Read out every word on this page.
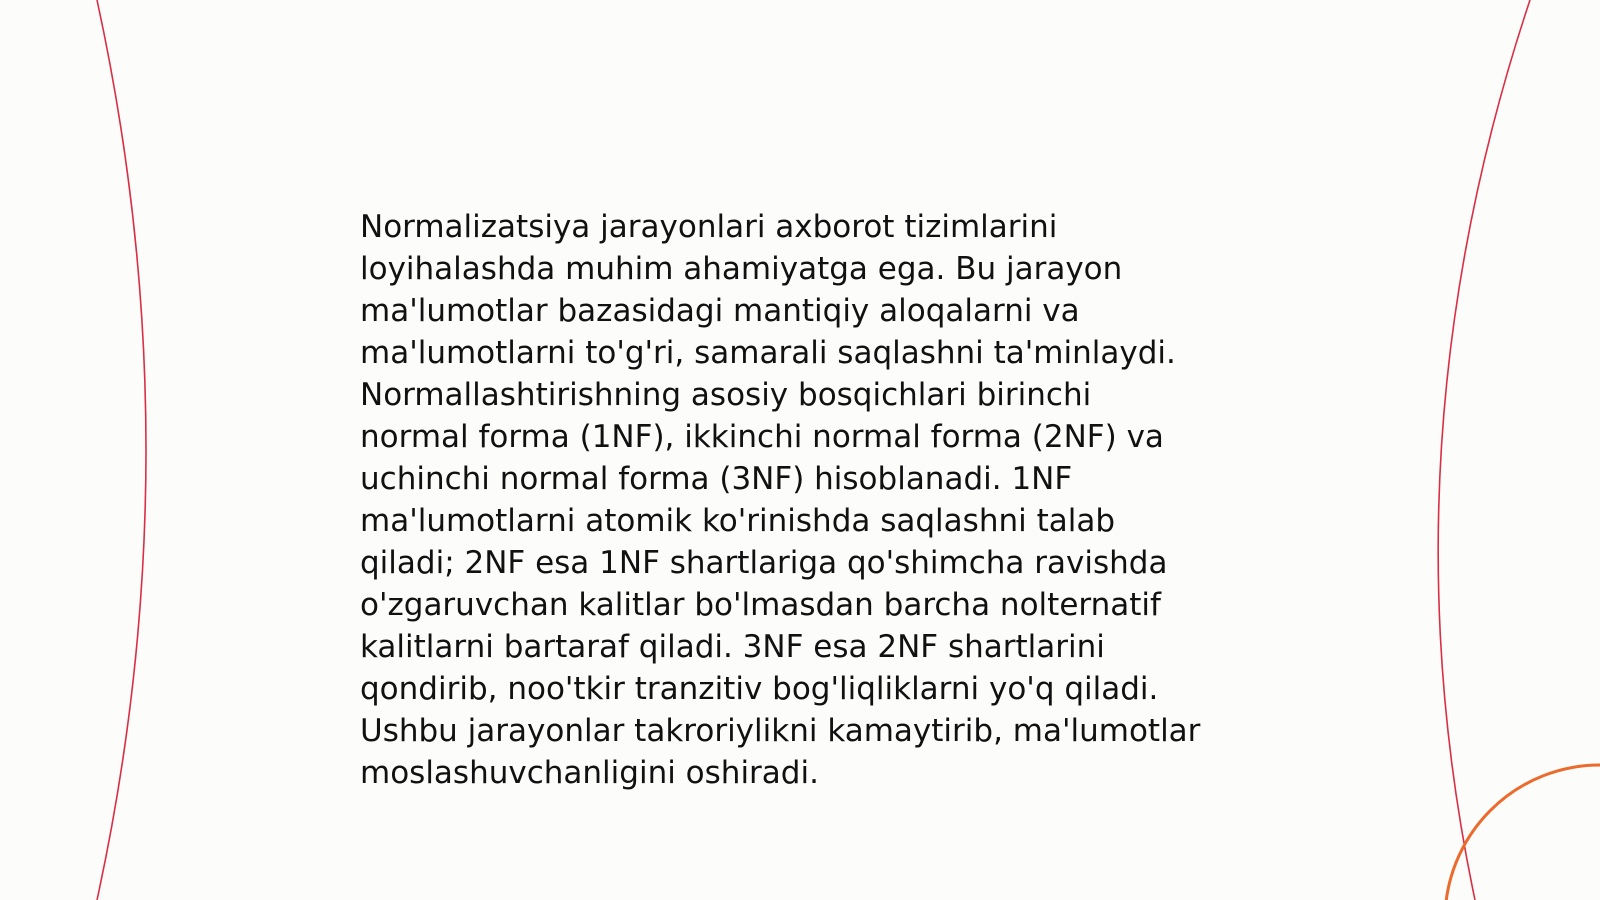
Normalizatsiya jarayonlari axborot tizimlarini
loyihalashda muhim ahamiyatga ega. Bu jarayon
ma'lumotlar bazasidagi mantiqiy aloqalarni va
ma'lumotlarni to'g'ri, samarali saqlashni ta'minlaydi.
Normallashtirishning asosiy bosqichlari birinchi
normal forma (1NF), ikkinchi normal forma (2NF) va
uchinchi normal forma (3NF) hisoblanadi. 1NF
ma'lumotlarni atomik ko'rinishda saqlashni talab
qiladi; 2NF esa 1NF shartlariga qo'shimcha ravishda
o'zgaruvchan kalitlar bo'lmasdan barcha nolternatif
kalitlarni bartaraf qiladi. 3NF esa 2NF shartlarini
qondirib, noo'tkir tranzitiv bog'liqliklarni yo'q qiladi.
Ushbu jarayonlar takroriylikni kamaytirib, ma'lumotlar
moslashuvchanligini oshiradi.
